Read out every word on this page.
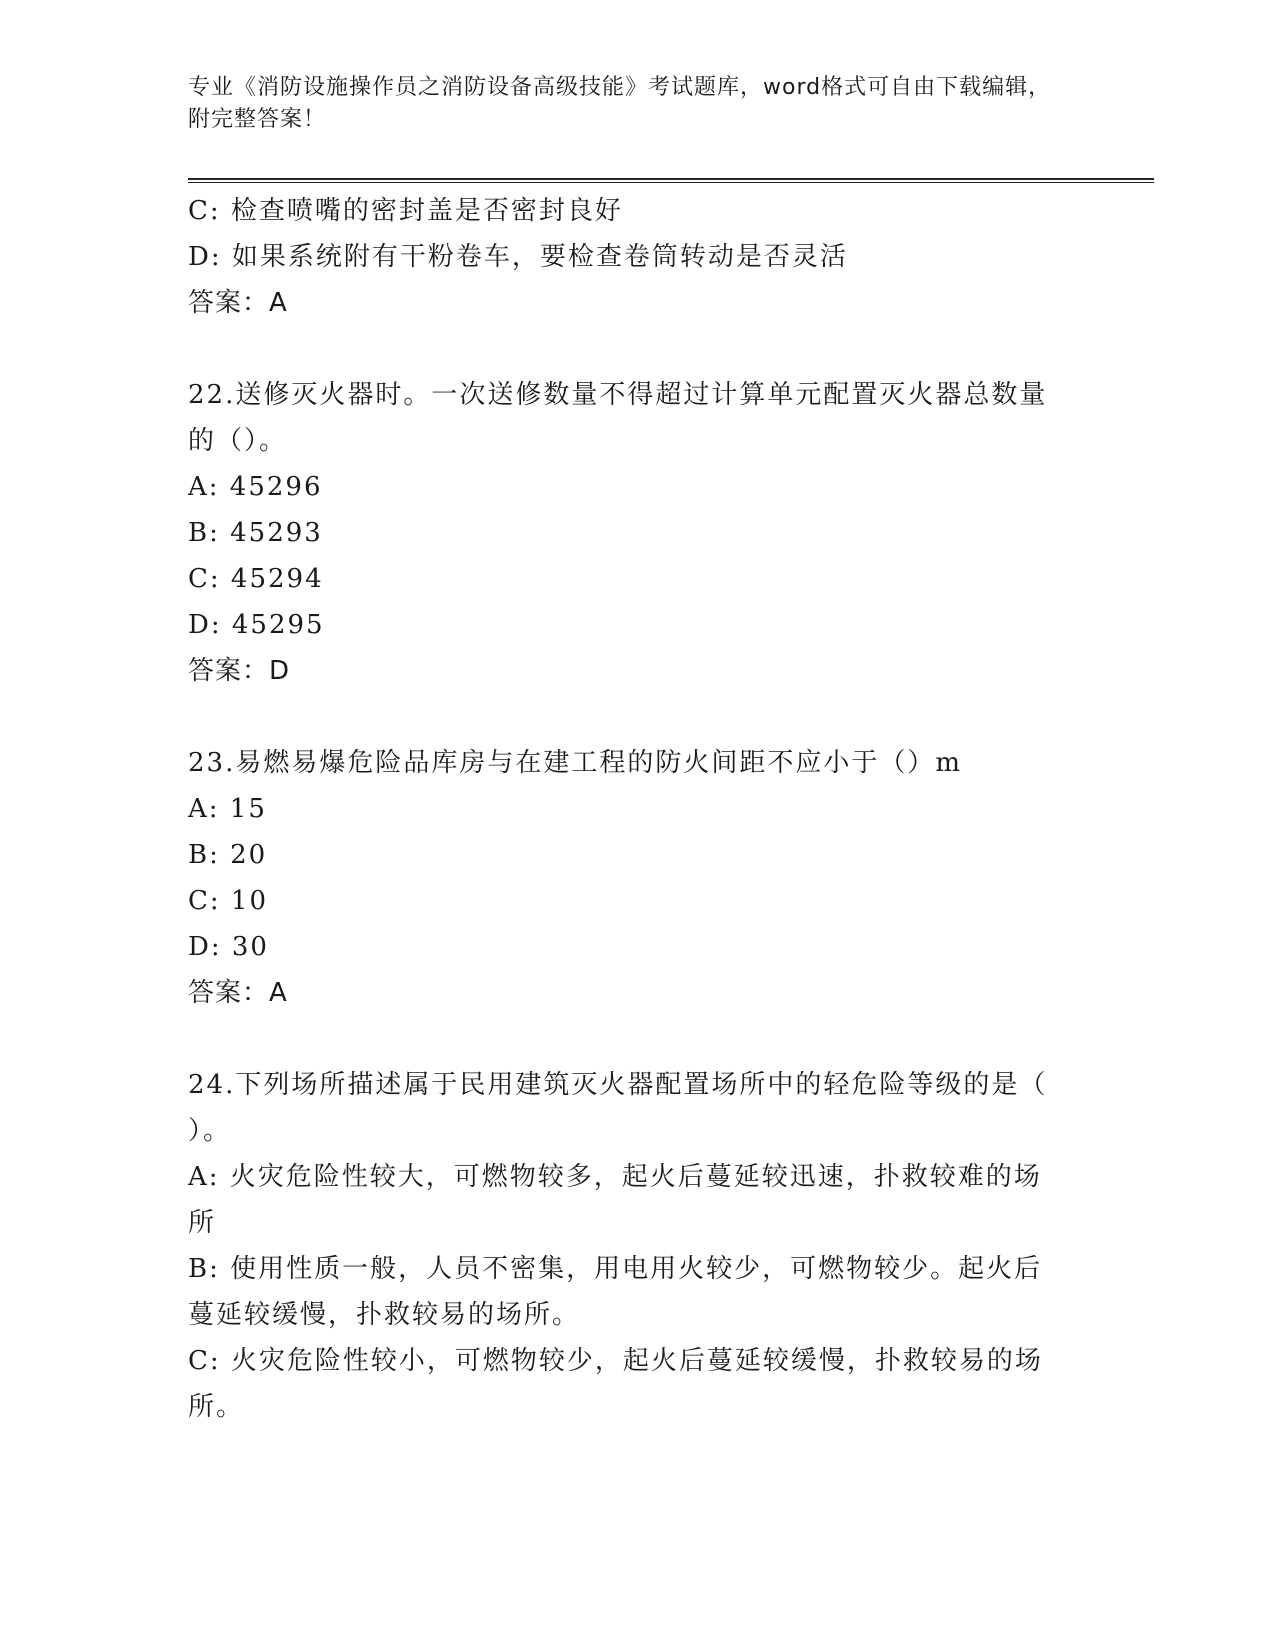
专业《消防设施操作员之消防设备高级技能》考试题库，word格式可自由下载编辑，附完整答案！
C: 检查喷嘴的密封盖是否密封良好
D: 如果系统附有干粉卷车，要检查卷筒转动是否灵活
答案：A
22.送修灭火器时。一次送修数量不得超过计算单元配置灭火器总数量
的（）。
A: 45296
B: 45293
C: 45294
D: 45295
答案：D
23.易燃易爆危险品库房与在建工程的防火间距不应小于（）m
A: 15
B: 20
C: 10
D: 30
答案：A
24.下列场所描述属于民用建筑灭火器配置场所中的轻危险等级的是（
）。
A: 火灾危险性较大，可燃物较多，起火后蔓延较迅速，扑救较难的场
所
B: 使用性质一般，人员不密集，用电用火较少，可燃物较少。起火后
蔓延较缓慢，扑救较易的场所。
C: 火灾危险性较小，可燃物较少，起火后蔓延较缓慢，扑救较易的场
所。
